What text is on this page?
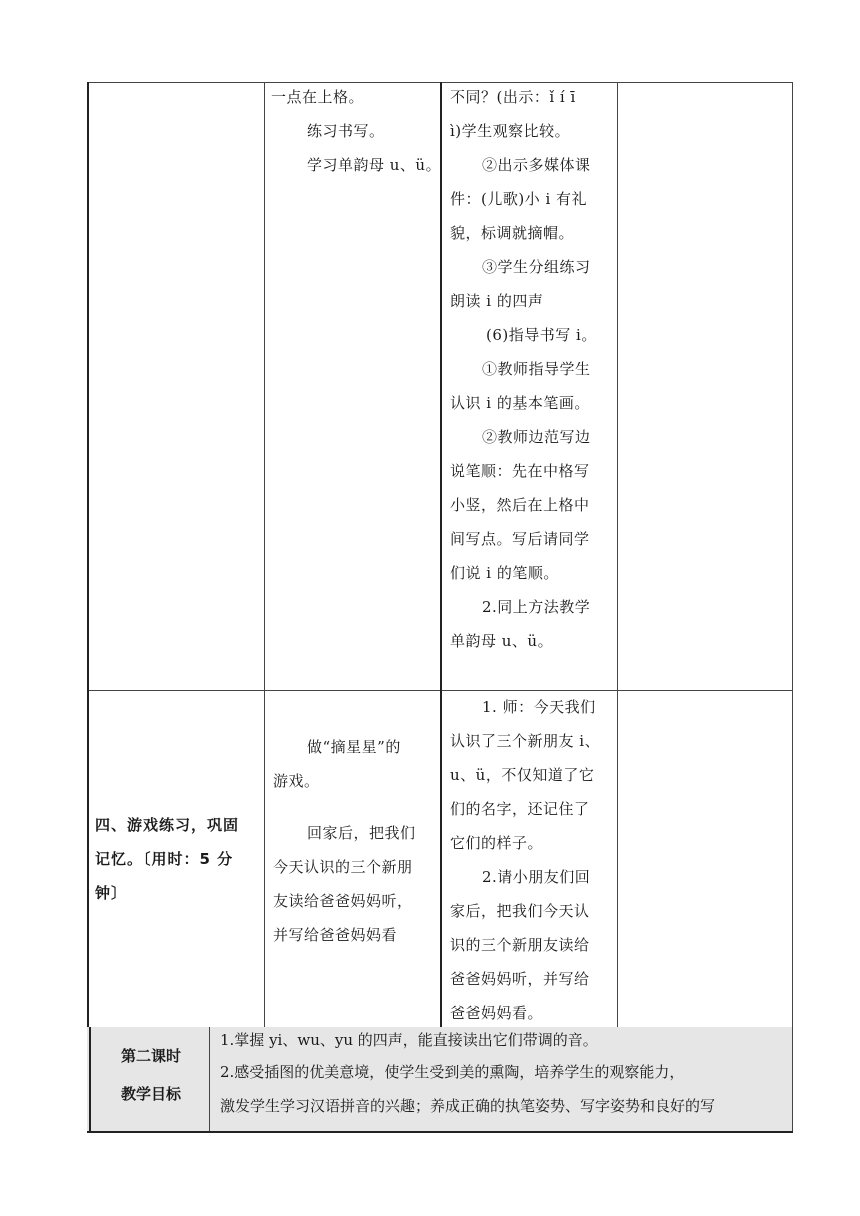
一点在上格。
练习书写。
学习单韵母 u、ü。
不同？(出示：ǐ í ī
ì)学生观察比较。
②出示多媒体课
件：(儿歌)小 i 有礼
貌，标调就摘帽。
③学生分组练习
朗读 i 的四声
(6)指导书写 i。
①教师指导学生
认识 i 的基本笔画。
②教师边范写边
说笔顺：先在中格写
小竖，然后在上格中
间写点。写后请同学
们说 i 的笔顺。
2.同上方法教学
单韵母 u、ü。
四、游戏练习，巩固
记忆。〔用时：5 分
钟〕
做“摘星星”的
游戏。
回家后，把我们
今天认识的三个新朋
友读给爸爸妈妈听，
并写给爸爸妈妈看
1. 师：今天我们
认识了三个新朋友 i、
u、ü，不仅知道了它
们的名字，还记住了
它们的样子。
2.请小朋友们回
家后，把我们今天认
识的三个新朋友读给
爸爸妈妈听，并写给
爸爸妈妈看。
第二课时
教学目标
1.掌握 yi、wu、yu 的四声，能直接读出它们带调的音。
2.感受插图的优美意境，使学生受到美的熏陶，培养学生的观察能力，
激发学生学习汉语拼音的兴趣；养成正确的执笔姿势、写字姿势和良好的写
